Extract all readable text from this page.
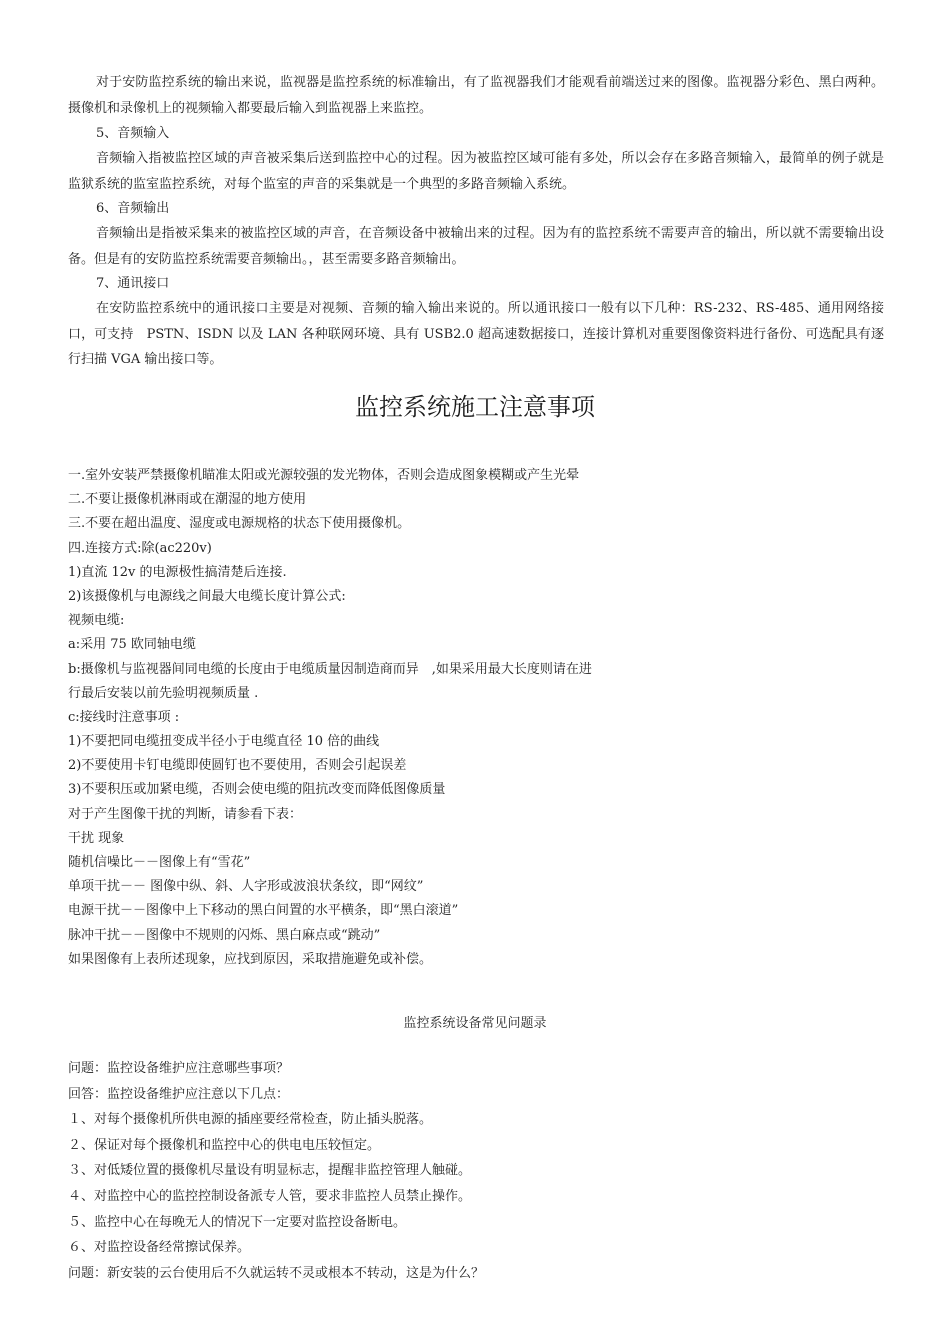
对于安防监控系统的输出来说，监视器是监控系统的标准输出，有了监视器我们才能观看前端送过来的图像。监视器分彩色、黑白两种。摄像机和录像机上的视频输入都要最后输入到监视器上来监控。

5、音频输入

音频输入指被监控区域的声音被采集后送到监控中心的过程。因为被监控区域可能有多处，所以会存在多路音频输入，最简单的例子就是监狱系统的监室监控系统，对每个监室的声音的采集就是一个典型的多路音频输入系统。

6、音频输出

音频输出是指被采集来的被监控区域的声音，在音频设备中被输出来的过程。因为有的监控系统不需要声音的输出，所以就不需要输出设备。但是有的安防监控系统需要音频输出。，甚至需要多路音频输出。

7、通讯接口

在安防监控系统中的通讯接口主要是对视频、音频的输入输出来说的。所以通讯接口一般有以下几种：RS-232、RS-485、通用网络接口，可支持　PSTN、ISDN 以及 LAN 各种联网环境、具有 USB2.0 超高速数据接口，连接计算机对重要图像资料进行备份、可选配具有逐行扫描 VGA 输出接口等。

监控系统施工注意事项
一.室外安装严禁摄像机瞄准太阳或光源较强的发光物体，否则会造成图象模糊或产生光晕
二.不要让摄像机淋雨或在潮湿的地方使用
三.不要在超出温度、湿度或电源规格的状态下使用摄像机。
四.连接方式:除(ac220v)
1)直流 12v 的电源极性搞清楚后连接.
2)该摄像机与电源线之间最大电缆长度计算公式:
视频电缆:
a:采用 75 欧同轴电缆
b:摄像机与监视器间同电缆的长度由于电缆质量因制造商而异　,如果采用最大长度则请在进
行最后安装以前先验明视频质量 .
c:接线时注意事项 :
1)不要把同电缆扭变成半径小于电缆直径 10 倍的曲线
2)不要使用卡钉电缆即使圆钉也不要使用，否则会引起误差
3)不要积压或加紧电缆，否则会使电缆的阻抗改变而降低图像质量
对于产生图像干扰的判断，请参看下表：
干扰 现象
随机信噪比－－图像上有“雪花”
单项干扰－－ 图像中纵、斜、人字形或波浪状条纹，即“网纹”
电源干扰－－图像中上下移动的黑白间置的水平横条，即“黑白滚道”
脉冲干扰－－图像中不规则的闪烁、黑白麻点或“跳动”
如果图像有上表所述现象，应找到原因，采取措施避免或补偿。
监控系统设备常见问题录
问题：监控设备维护应注意哪些事项？
回答：监控设备维护应注意以下几点：
１、对每个摄像机所供电源的插座要经常检查，防止插头脱落。
２、保证对每个摄像机和监控中心的供电电压较恒定。
３、对低矮位置的摄像机尽量设有明显标志，提醒非监控管理人触碰。
４、对监控中心的监控控制设备派专人管，要求非监控人员禁止操作。
５、监控中心在每晚无人的情况下一定要对监控设备断电。
６、对监控设备经常擦试保养。
问题：新安装的云台使用后不久就运转不灵或根本不转动，这是为什么？
